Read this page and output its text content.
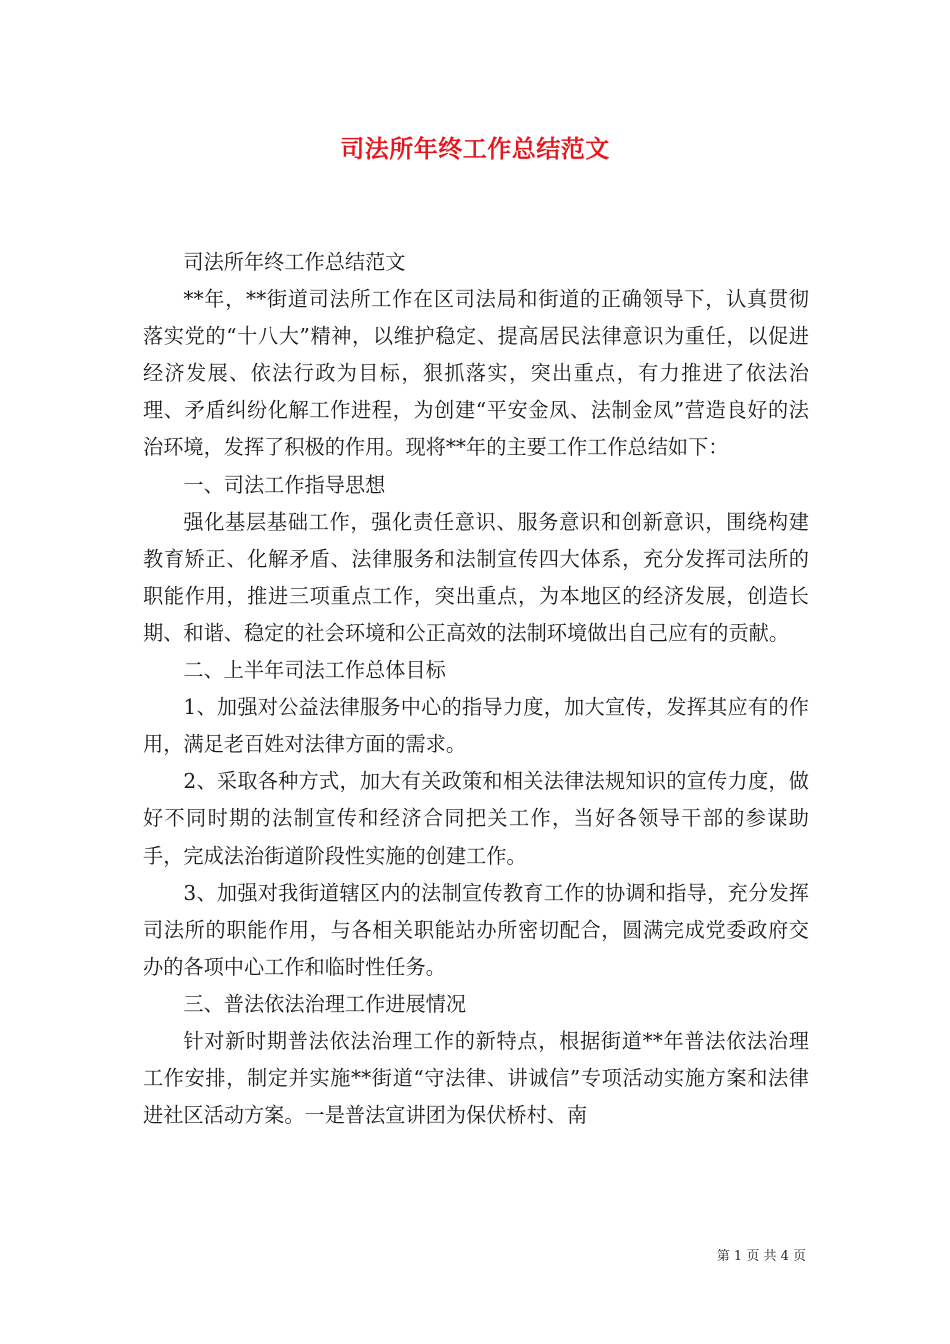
司法所年终工作总结范文

司法所年终工作总结范文

**年，**街道司法所工作在区司法局和街道的正确领导下，认真贯彻落实党的“十八大”精神，以维护稳定、提高居民法律意识为重任，以促进经济发展、依法行政为目标，狠抓落实，突出重点，有力推进了依法治理、矛盾纠纷化解工作进程，为创建“平安金凤、法制金凤”营造良好的法治环境，发挥了积极的作用。现将**年的主要工作工作总结如下：

一、司法工作指导思想

强化基层基础工作，强化责任意识、服务意识和创新意识，围绕构建教育矫正、化解矛盾、法律服务和法制宣传四大体系，充分发挥司法所的职能作用，推进三项重点工作，突出重点，为本地区的经济发展，创造长期、和谐、稳定的社会环境和公正高效的法制环境做出自己应有的贡献。

二、上半年司法工作总体目标

1、加强对公益法律服务中心的指导力度，加大宣传，发挥其应有的作用，满足老百姓对法律方面的需求。

2、采取各种方式，加大有关政策和相关法律法规知识的宣传力度，做好不同时期的法制宣传和经济合同把关工作，当好各领导干部的参谋助手，完成法治街道阶段性实施的创建工作。

3、加强对我街道辖区内的法制宣传教育工作的协调和指导，充分发挥司法所的职能作用，与各相关职能站办所密切配合，圆满完成党委政府交办的各项中心工作和临时性任务。

三、普法依法治理工作进展情况

针对新时期普法依法治理工作的新特点，根据街道**年普法依法治理工作安排，制定并实施**街道“守法律、讲诚信”专项活动实施方案和法律进社区活动方案。一是普法宣讲团为保伏桥村、南

第 1 页 共 4 页
